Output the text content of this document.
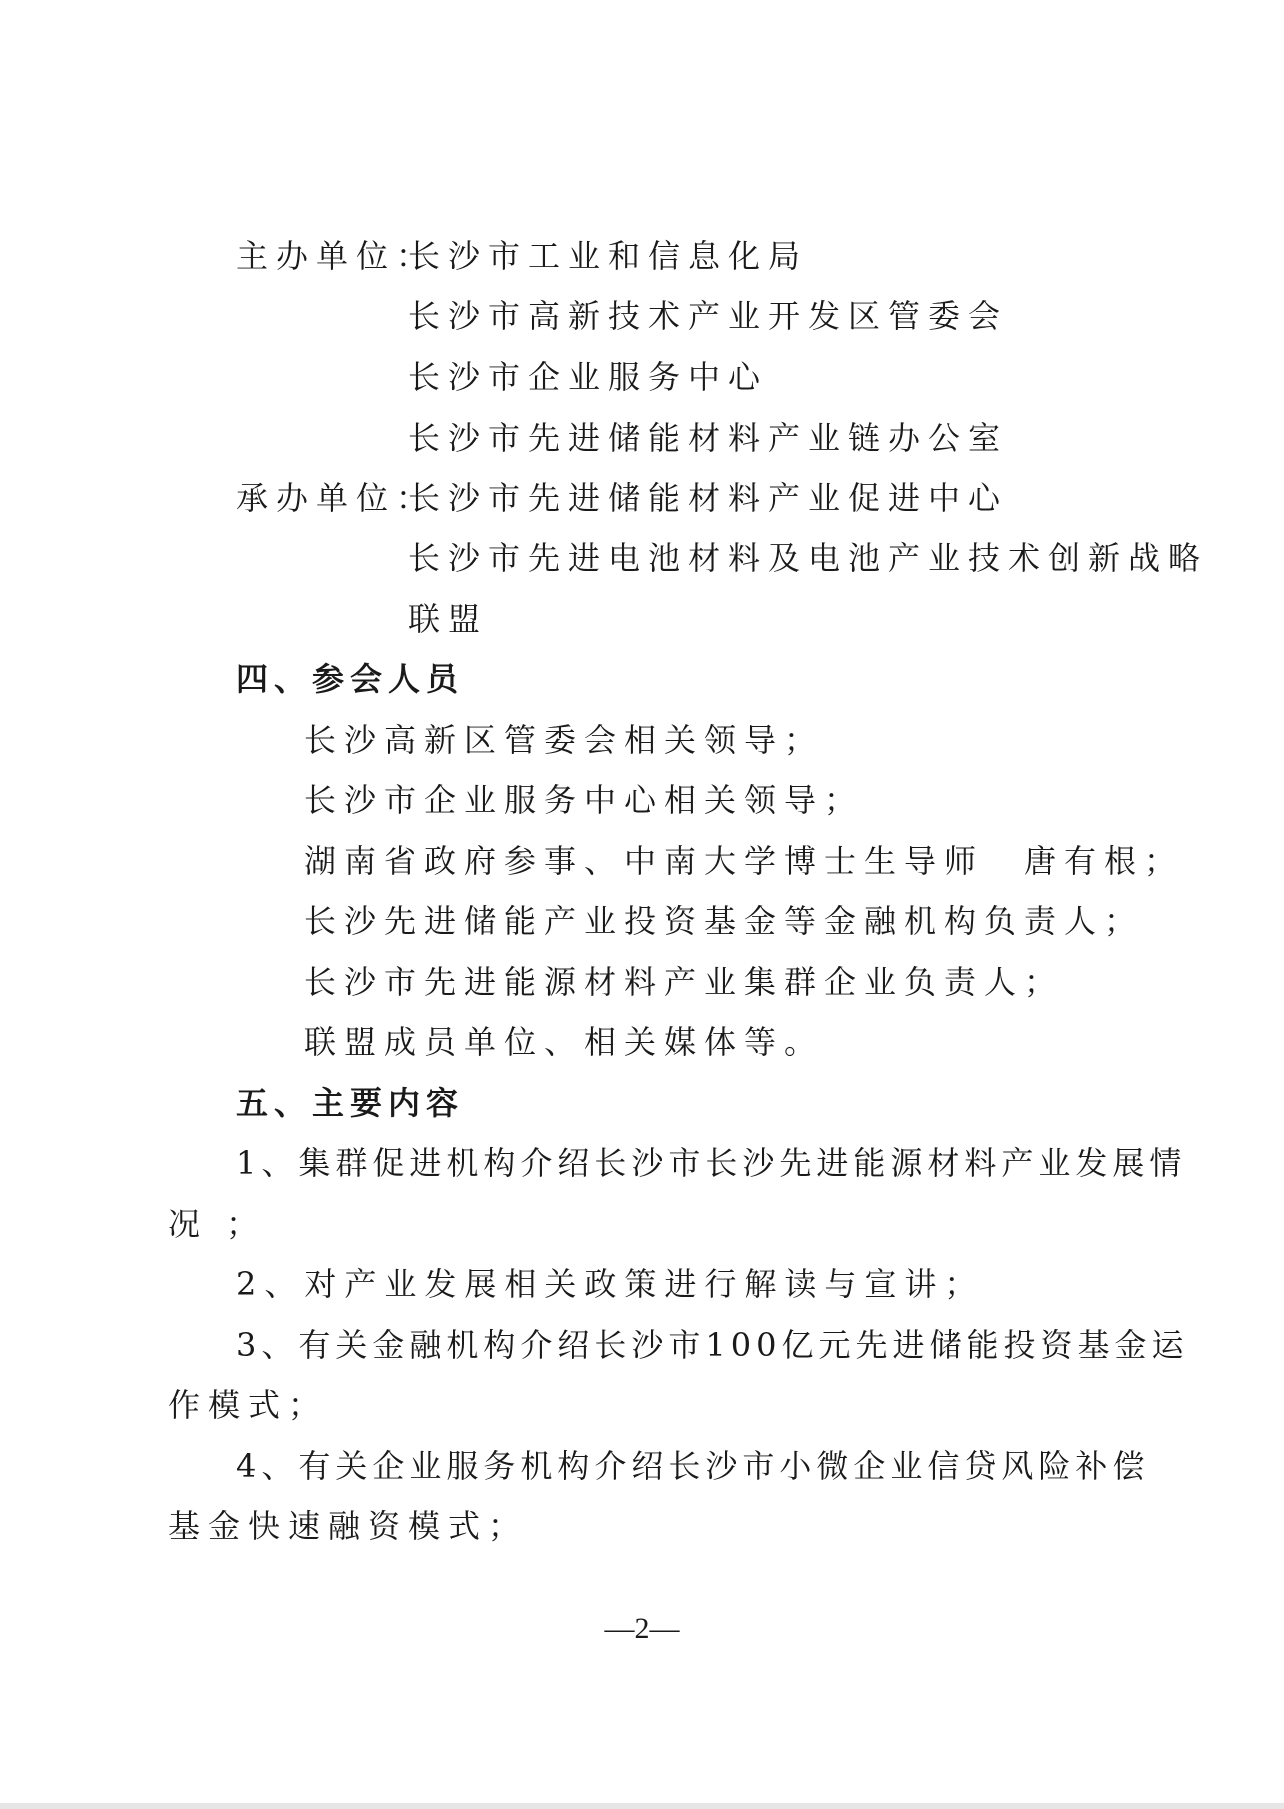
主办单位：
长沙市工业和信息化局
长沙市高新技术产业开发区管委会
长沙市企业服务中心
长沙市先进储能材料产业链办公室
承办单位：
长沙市先进储能材料产业促进中心
长沙市先进电池材料及电池产业技术创新战略
联盟
四、参会人员
长沙高新区管委会相关领导；
长沙市企业服务中心相关领导；
湖南省政府参事、中南大学博士生导师　唐有根；
长沙先进储能产业投资基金等金融机构负责人；
长沙市先进能源材料产业集群企业负责人；
联盟成员单位、相关媒体等。
五、主要内容
1、集群促进机构介绍长沙市长沙先进能源材料产业发展情
况 ；
2、对产业发展相关政策进行解读与宣讲；
3、有关金融机构介绍长沙市100亿元先进储能投资基金运
作模式；
4、有关企业服务机构介绍长沙市小微企业信贷风险补偿
基金快速融资模式；
—2—
